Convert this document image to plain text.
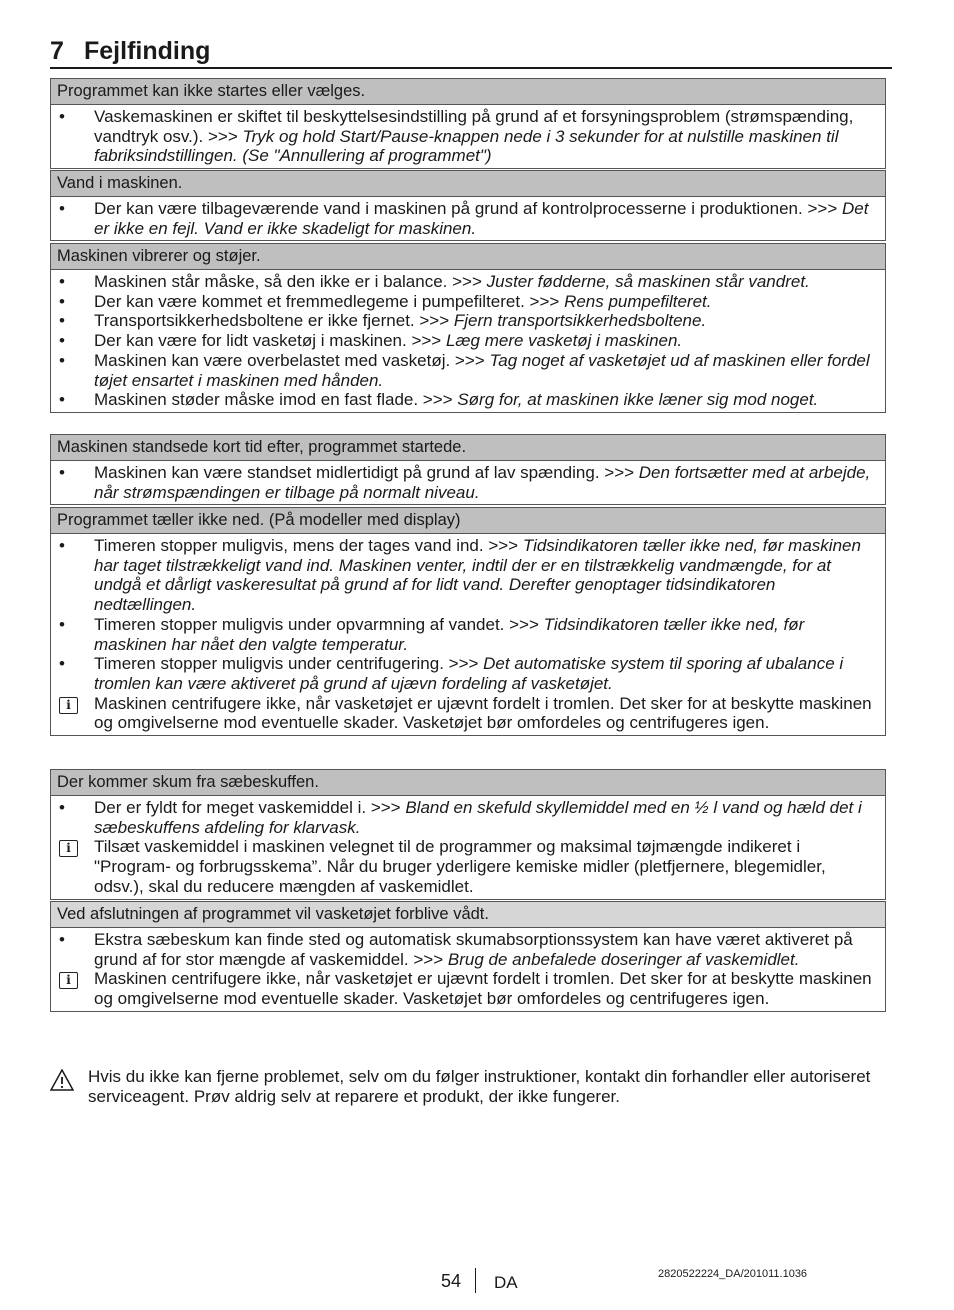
7 Fejlfinding
Programmet kan ikke startes eller vælges.
• Vaskemaskinen er skiftet til beskyttelsesindstilling på grund af et forsyningsproblem (strømspænding, vandtryk osv.). >>> Tryk og hold Start/Pause-knappen nede i 3 sekunder for at nulstille maskinen til fabriksindstillingen. (Se "Annullering af programmet")
Vand i maskinen.
• Der kan være tilbageværende vand i maskinen på grund af kontrolprocesserne i produktionen. >>> Det er ikke en fejl. Vand er ikke skadeligt for maskinen.
Maskinen vibrerer og støjer.
• Maskinen står måske, så den ikke er i balance. >>> Juster fødderne, så maskinen står vandret.
• Der kan være kommet et fremmedlegeme i pumpefilteret. >>> Rens pumpefilteret.
• Transportsikkerhedsboltene er ikke fjernet. >>> Fjern transportsikkerhedsboltene.
• Der kan være for lidt vasketøj i maskinen. >>> Læg mere vasketøj i maskinen.
• Maskinen kan være overbelastet med vasketøj. >>> Tag noget af vasketøjet ud af maskinen eller fordel tøjet ensartet i maskinen med hånden.
• Maskinen støder måske imod en fast flade. >>> Sørg for, at maskinen ikke læner sig mod noget.
Maskinen standsede kort tid efter, programmet startede.
• Maskinen kan være standset midlertidigt på grund af lav spænding. >>> Den fortsætter med at arbejde, når strømspændingen er tilbage på normalt niveau.
Programmet tæller ikke ned. (På modeller med display)
• Timeren stopper muligvis, mens der tages vand ind. >>> Tidsindikatoren tæller ikke ned, før maskinen har taget tilstrækkeligt vand ind. Maskinen venter, indtil der er en tilstrækkelig vandmængde, for at undgå et dårligt vaskeresultat på grund af for lidt vand. Derefter genoptager tidsindikatoren nedtællingen.
• Timeren stopper muligvis under opvarmning af vandet. >>> Tidsindikatoren tæller ikke ned, før maskinen har nået den valgte temperatur.
• Timeren stopper muligvis under centrifugering. >>> Det automatiske system til sporing af ubalance i tromlen kan være aktiveret på grund af ujævn fordeling af vasketøjet.
i	Maskinen centrifugere ikke, når vasketøjet er ujævnt fordelt i tromlen. Det sker for at beskytte maskinen og omgivelserne mod eventuelle skader. Vasketøjet bør omfordeles og centrifugeres igen.
Der kommer skum fra sæbeskuffen.
• Der er fyldt for meget vaskemiddel i. >>> Bland en skefuld skyllemiddel med en ½ l vand og hæld det i sæbeskuffens afdeling for klarvask.
i	Tilsæt vaskemiddel i maskinen velegnet til de programmer og maksimal tøjmængde indikeret i "Program- og forbrugsskema”. Når du bruger yderligere kemiske midler (pletfjernere, blegemidler, odsv.), skal du reducere mængden af vaskemidlet.
Ved afslutningen af programmet vil vasketøjet forblive vådt.
• Ekstra sæbeskum kan finde sted og automatisk skumabsorptionssystem kan have været aktiveret på grund af for stor mængde af vaskemiddel. >>> Brug de anbefalede doseringer af vaskemidlet.
i	Maskinen centrifugere ikke, når vasketøjet er ujævnt fordelt i tromlen. Det sker for at beskytte maskinen og omgivelserne mod eventuelle skader. Vasketøjet bør omfordeles og centrifugeres igen.
Hvis du ikke kan fjerne problemet, selv om du følger instruktioner, kontakt din forhandler eller autoriseret serviceagent. Prøv aldrig selv at reparere et produkt, der ikke fungerer.
54 DA	2820522224_DA/201011.1036
